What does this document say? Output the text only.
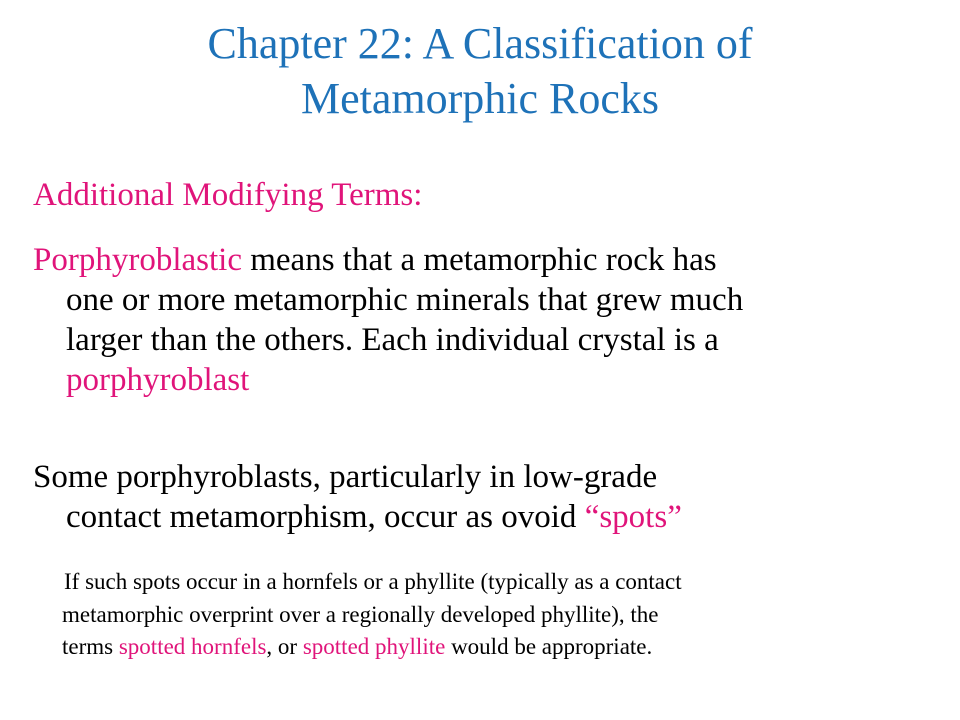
Chapter 22: A Classification of
Metamorphic Rocks

Additional Modifying Terms:

Porphyroblastic means that a metamorphic rock has
one or more metamorphic minerals that grew much
larger than the others. Each individual crystal is a
porphyroblast

Some porphyroblasts, particularly in low-grade
contact metamorphism, occur as ovoid “spots”

If such spots occur in a hornfels or a phyllite (typically as a contact
metamorphic overprint over a regionally developed phyllite), the
terms spotted hornfels, or spotted phyllite would be appropriate.
